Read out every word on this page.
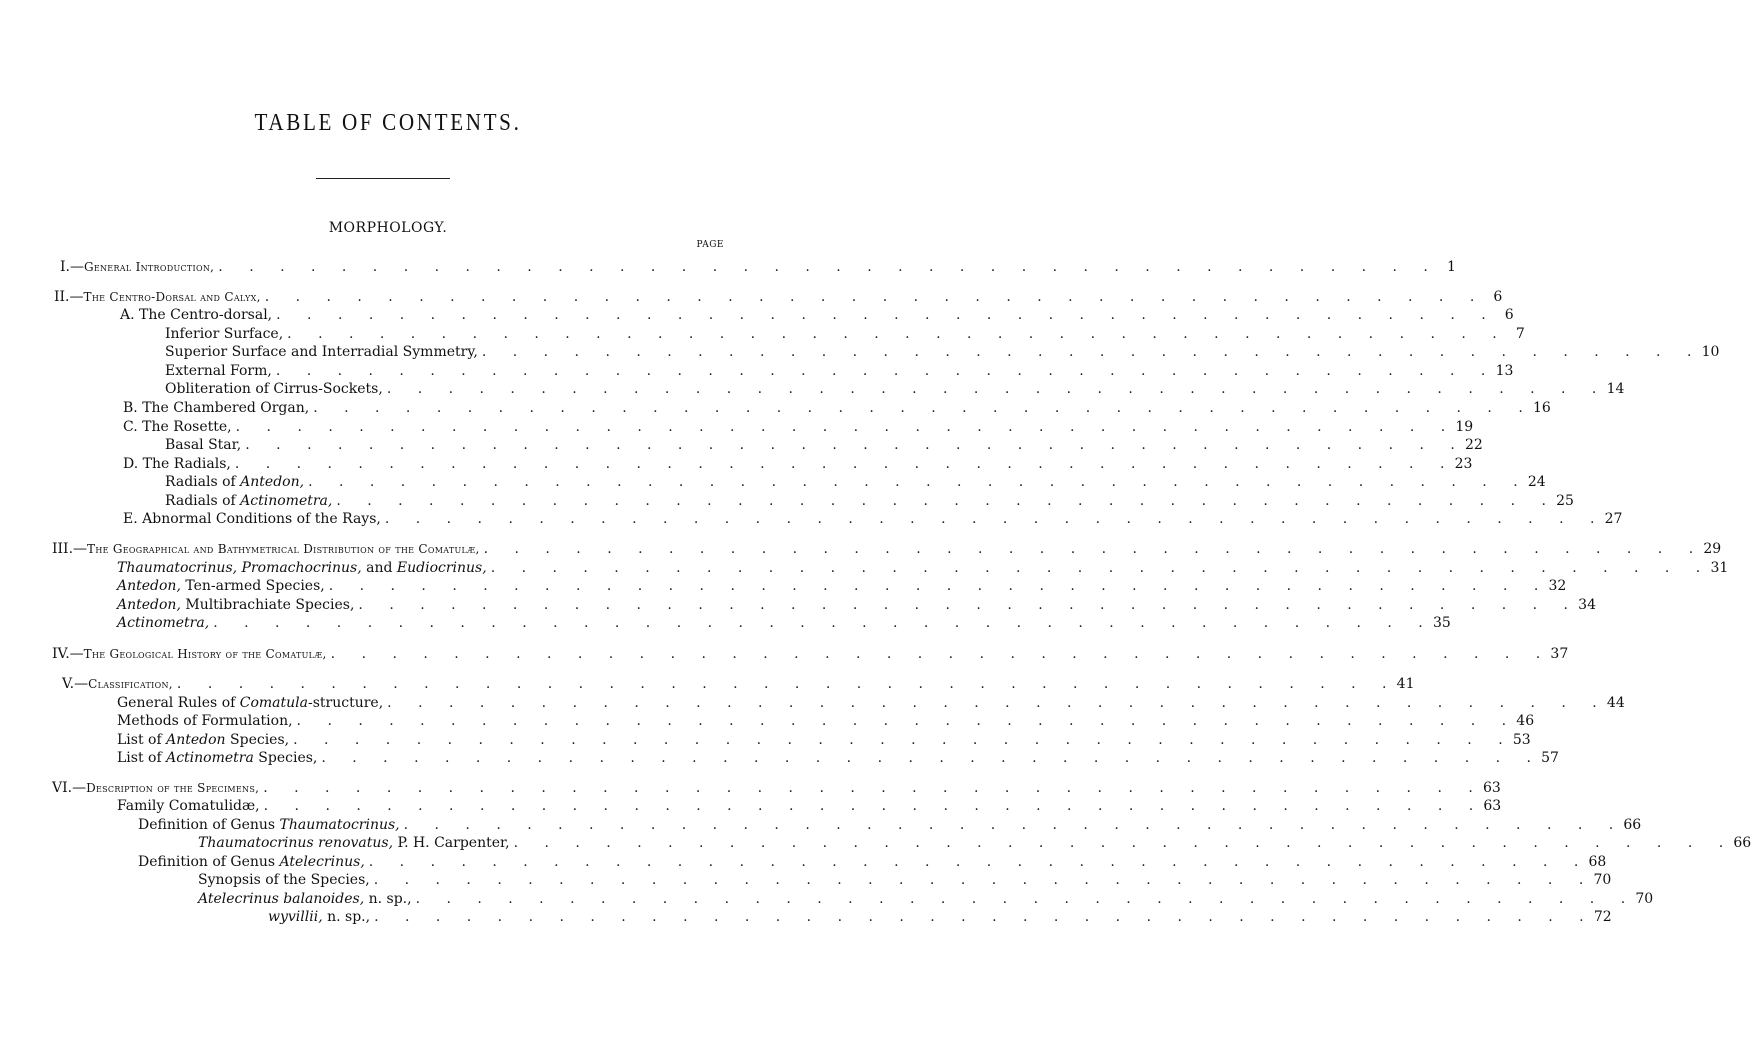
TABLE OF CONTENTS.
MORPHOLOGY.
PAGE
I.—General Introduction, . . . . . . . . . . . . . . . . . . . . . . . . . . . . . . . . . . . . . . . .	1
II.—The Centro-Dorsal and Calyx, . . . . . . . . . . . . . . . . . . . . . . . . . . . . . . . . . . . . . . . .	6
A. The Centro-dorsal, . . . . . . . . . . . . . . . . . . . . . . . . . . . . . . . . . . . . . . . .	6
Inferior Surface, . . . . . . . . . . . . . . . . . . . . . . . . . . . . . . . . . . . . . . . .	7
Superior Surface and Interradial Symmetry, . . . . . . . . . . . . . . . . . . . . . . . . . . . . . . . . . . . . . . . . 10
External Form, . . . . . . . . . . . . . . . . . . . . . . . . . . . . . . . . . . . . . . . . 13
Obliteration of Cirrus-Sockets, . . . . . . . . . . . . . . . . . . . . . . . . . . . . . . . . . . . . . . . . 14
B. The Chambered Organ, . . . . . . . . . . . . . . . . . . . . . . . . . . . . . . . . . . . . . . . . 16
C. The Rosette, . . . . . . . . . . . . . . . . . . . . . . . . . . . . . . . . . . . . . . . . 19
Basal Star, . . . . . . . . . . . . . . . . . . . . . . . . . . . . . . . . . . . . . . . . 22
D. The Radials, . . . . . . . . . . . . . . . . . . . . . . . . . . . . . . . . . . . . . . . . 23
Radials of Antedon, . . . . . . . . . . . . . . . . . . . . . . . . . . . . . . . . . . . . . . . . 24
Radials of Actinometra, . . . . . . . . . . . . . . . . . . . . . . . . . . . . . . . . . . . . . . . . 25
E. Abnormal Conditions of the Rays, . . . . . . . . . . . . . . . . . . . . . . . . . . . . . . . . . . . . . . . . 27
III.—The Geographical and Bathymetrical Distribution of the Comatulæ, . . . . . . . . . . . . . . . . . . . . . . . . . . . . . . . . . . . . . . . . 29
Thaumatocrinus, Promachocrinus, and Eudiocrinus, . . . . . . . . . . . . . . . . . . . . . . . . . . . . . . . . . . . . . . . . 31
Antedon, Ten-armed Species, . . . . . . . . . . . . . . . . . . . . . . . . . . . . . . . . . . . . . . . . 32
Antedon, Multibrachiate Species, . . . . . . . . . . . . . . . . . . . . . . . . . . . . . . . . . . . . . . . . 34
Actinometra, . . . . . . . . . . . . . . . . . . . . . . . . . . . . . . . . . . . . . . . . 35
IV.—The Geological History of the Comatulæ, . . . . . . . . . . . . . . . . . . . . . . . . . . . . . . . . . . . . . . . . 37
V.—Classification, . . . . . . . . . . . . . . . . . . . . . . . . . . . . . . . . . . . . . . . . 41
General Rules of Comatula-structure, . . . . . . . . . . . . . . . . . . . . . . . . . . . . . . . . . . . . . . . . 44
Methods of Formulation, . . . . . . . . . . . . . . . . . . . . . . . . . . . . . . . . . . . . . . . . 46
List of Antedon Species, . . . . . . . . . . . . . . . . . . . . . . . . . . . . . . . . . . . . . . . . 53
List of Actinometra Species, . . . . . . . . . . . . . . . . . . . . . . . . . . . . . . . . . . . . . . . . 57
VI.—Description of the Specimens, . . . . . . . . . . . . . . . . . . . . . . . . . . . . . . . . . . . . . . . . 63
Family Comatulidæ, . . . . . . . . . . . . . . . . . . . . . . . . . . . . . . . . . . . . . . . . 63
Definition of Genus Thaumatocrinus, . . . . . . . . . . . . . . . . . . . . . . . . . . . . . . . . . . . . . . . . 66
Thaumatocrinus renovatus, P. H. Carpenter, . . . . . . . . . . . . . . . . . . . . . . . . . . . . . . . . . . . . . . . . 66
Definition of Genus Atelecrinus, . . . . . . . . . . . . . . . . . . . . . . . . . . . . . . . . . . . . . . . . 68
Synopsis of the Species, . . . . . . . . . . . . . . . . . . . . . . . . . . . . . . . . . . . . . . . . 70
Atelecrinus balanoides, n. sp., . . . . . . . . . . . . . . . . . . . . . . . . . . . . . . . . . . . . . . . . 70
wyvillii, n. sp., . . . . . . . . . . . . . . . . . . . . . . . . . . . . . . . . . . . . . . . . 72
